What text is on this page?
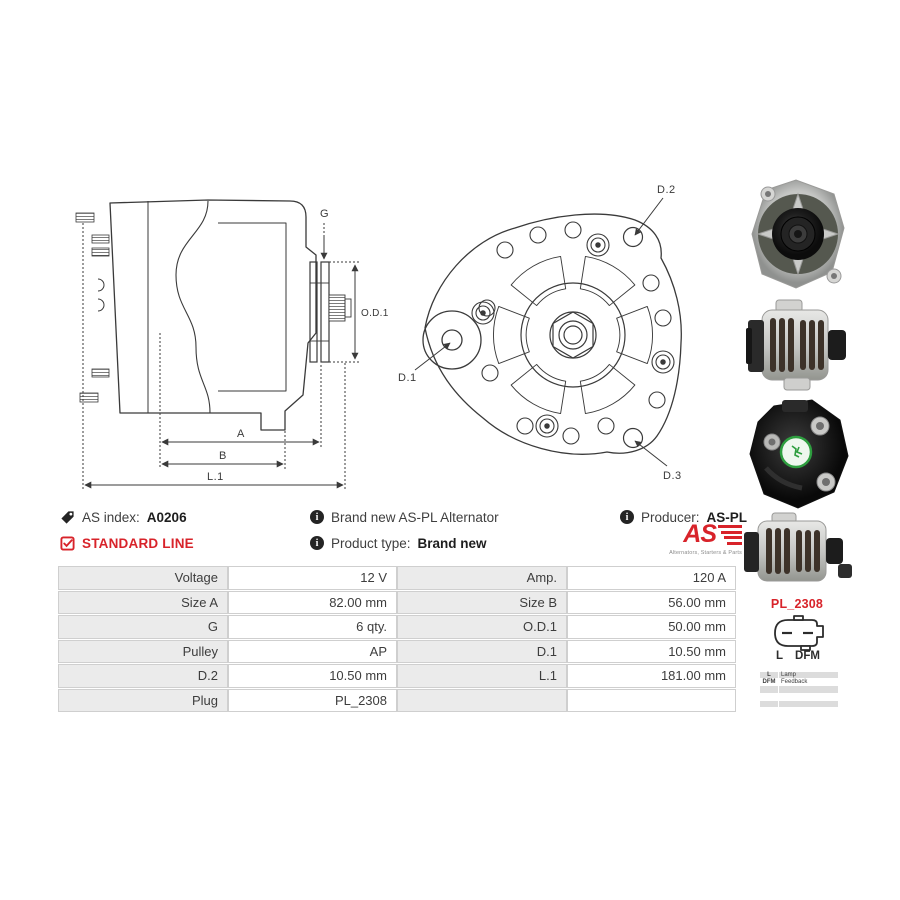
G
O.D.1
A
B
L.1
D.2
D.1
D.3
AS index: A0206
STANDARD LINE
i Brand new AS-PL Alternator
i Product type: Brand new
i Producer: AS-PL
AS
Alternators, Starters & Parts
Voltage	12 V	Amp.	120 A
Size A	82.00 mm	Size B	56.00 mm
G	6 qty.	O.D.1	50.00 mm
Pulley	AP	D.1	10.50 mm
D.2	10.50 mm	L.1	181.00 mm
Plug	PL_2308		
PL_2308
L DFM
L	Lamp
DFM	Feedback
